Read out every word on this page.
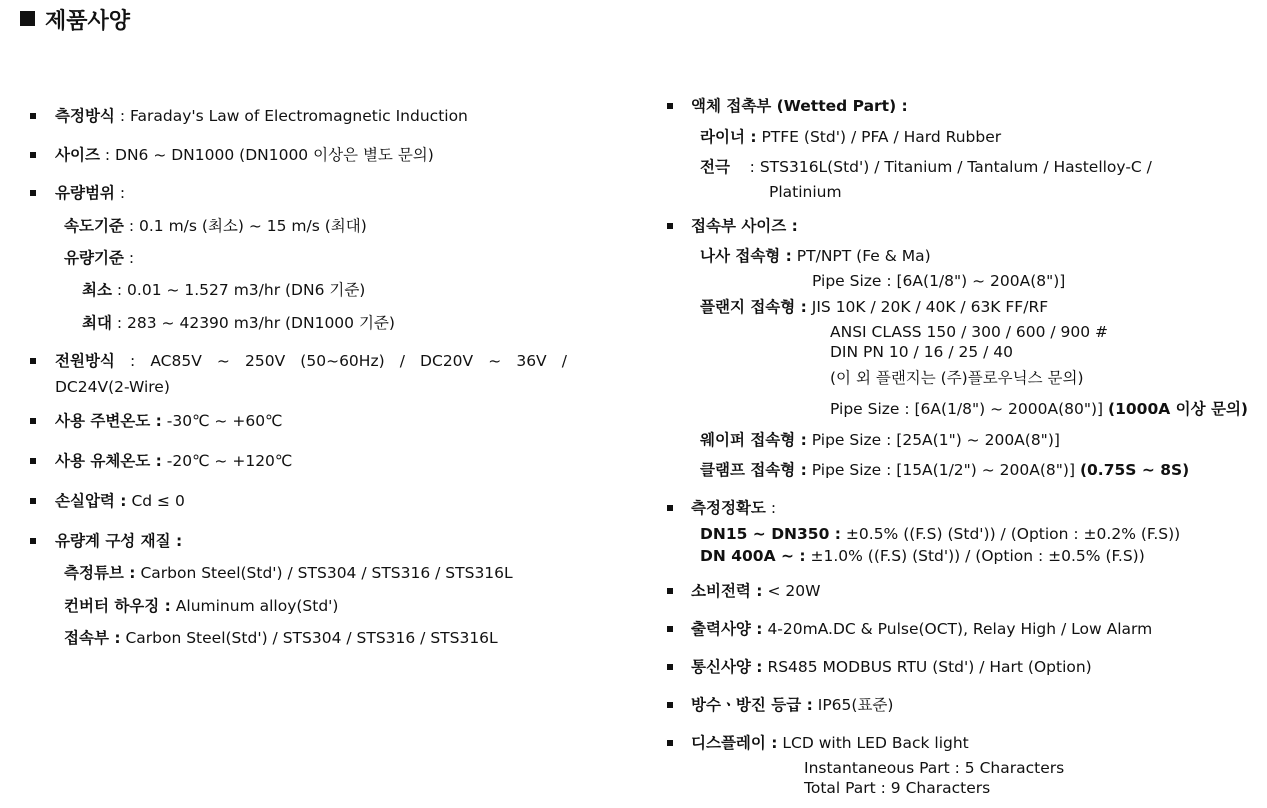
제품사양
측정방식 : Faraday's Law of Electromagnetic Induction
사이즈 : DN6 ~ DN1000 (DN1000 이상은 별도 문의)
유량범위 :
속도기준 : 0.1 m/s (최소) ~ 15 m/s (최대)
유량기준 :
최소 : 0.01 ~ 1.527 m3/hr (DN6 기준)
최대 : 283 ~ 42390 m3/hr (DN1000 기준)
전원방식 : AC85V ~ 250V (50~60Hz) / DC20V ~ 36V /
DC24V(2-Wire)
사용 주변온도 : -30℃ ~ +60℃
사용 유체온도 : -20℃ ~ +120℃
손실압력 : Cd ≤ 0
유량계 구성 재질 :
측정튜브 : Carbon Steel(Std') / STS304 / STS316 / STS316L
컨버터 하우징 : Aluminum alloy(Std')
접속부 : Carbon Steel(Std') / STS304 / STS316 / STS316L
액체 접촉부 (Wetted Part) :
라이너 : PTFE (Std') / PFA / Hard Rubber
전극 : STS316L(Std') / Titanium / Tantalum / Hastelloy-C /
Platinium
접속부 사이즈 :
나사 접속형 : PT/NPT (Fe & Ma)
Pipe Size : [6A(1/8") ~ 200A(8")]
플랜지 접속형 : JIS 10K / 20K / 40K / 63K FF/RF
ANSI CLASS 150 / 300 / 600 / 900 #
DIN PN 10 / 16 / 25 / 40
(이 외 플랜지는 (주)플로우닉스 문의)
Pipe Size : [6A(1/8") ~ 2000A(80")] (1000A 이상 문의)
웨이퍼 접속형 : Pipe Size : [25A(1") ~ 200A(8")]
클램프 접속형 : Pipe Size : [15A(1/2") ~ 200A(8")] (0.75S ~ 8S)
측정정확도 :
DN15 ~ DN350 : ±0.5% ((F.S) (Std')) / (Option : ±0.2% (F.S))
DN 400A ~ : ±1.0% ((F.S) (Std')) / (Option : ±0.5% (F.S))
소비전력 : < 20W
출력사양 : 4-20mA.DC & Pulse(OCT), Relay High / Low Alarm
통신사양 : RS485 MODBUS RTU (Std') / Hart (Option)
방수ㆍ방진 등급 : IP65(표준)
디스플레이 : LCD with LED Back light
Instantaneous Part : 5 Characters
Total Part : 9 Characters
